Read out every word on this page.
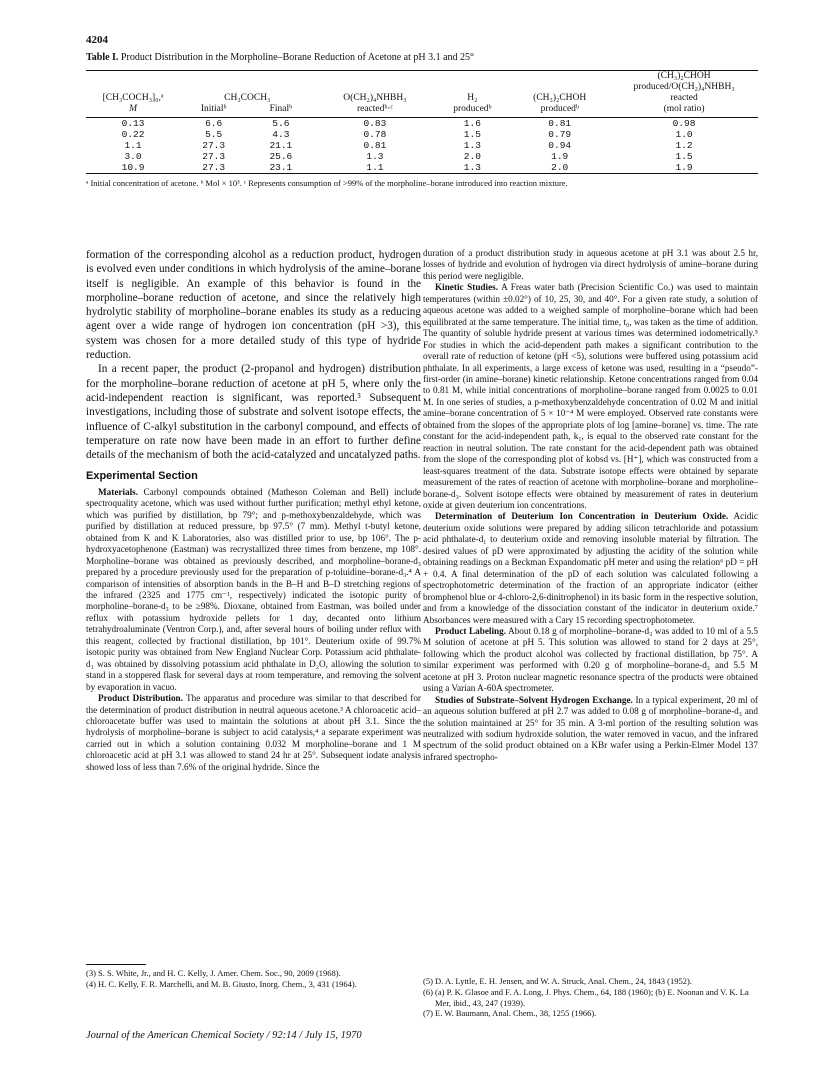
4204
Table I. Product Distribution in the Morpholine–Borane Reduction of Acetone at pH 3.1 and 25°
						(CH₃)₂CHOH
						produced/O(CH₂)₄NHBH₃
[CH₃COCH₃]₀,ᵃ	CH₃COCH₃		O(CH₂)₄NHBH₃	H₂	(CH₃)₂CHOH	reacted
M	Initialᵇ	Finalᵇ	reactedᵇ·ᶜ	producedᵇ	producedᵇ	(mol ratio)

0.13	6.6	5.6	0.83	1.6	0.81	0.98
0.22	5.5	4.3	0.78	1.5	0.79	1.0
1.1	27.3	21.1	0.81	1.3	0.94	1.2
3.0	27.3	25.6	1.3	2.0	1.9	1.5
10.9	27.3	23.1	1.1	1.3	2.0	1.9
ᵃ Initial concentration of acetone. ᵇ Mol × 10³. ᶜ Represents consumption of >99% of the morpholine–borane introduced into reaction mixture.

formation of the corresponding alcohol as a reduction product, hydrogen is evolved even under conditions in which hydrolysis of the amine–borane itself is negligible. An example of this behavior is found in the morpholine–borane reduction of acetone, and since the relatively high hydrolytic stability of morpholine–borane enables its study as a reducing agent over a wide range of hydrogen ion concentration (pH >3), this system was chosen for a more detailed study of this type of hydride reduction.

In a recent paper, the product (2-propanol and hydrogen) distribution for the morpholine–borane reduction of acetone at pH 5, where only the acid-independent reaction is significant, was reported.³ Subsequent investigations, including those of substrate and solvent isotope effects, the influence of C-alkyl substitution in the carbonyl compound, and effects of temperature on rate now have been made in an effort to further define details of the mechanism of both the acid-catalyzed and uncatalyzed paths.

Experimental Section

Materials. Carbonyl compounds obtained (Matheson Coleman and Bell) include spectroquality acetone, which was used without further purification; methyl ethyl ketone, which was purified by distillation, bp 79°; and p-methoxybenzaldehyde, which was purified by distillation at reduced pressure, bp 97.5° (7 mm). Methyl t-butyl ketone, obtained from K and K Laboratories, also was distilled prior to use, bp 106°. The p-hydroxyacetophenone (Eastman) was recrystallized three times from benzene, mp 108°. Morpholine–borane was obtained as previously described, and morpholine–borane-d₃ prepared by a procedure previously used for the preparation of p-toluidine–borane-d₃.⁴ A comparison of intensities of absorption bands in the B–H and B–D stretching regions of the infrared (2325 and 1775 cm⁻¹, respectively) indicated the isotopic purity of morpholine–borane-d₃ to be ≥98%. Dioxane, obtained from Eastman, was boiled under reflux with potassium hydroxide pellets for 1 day, decanted onto lithium tetrahydroaluminate (Ventron Corp.), and, after several hours of boiling under reflux with this reagent, collected by fractional distillation, bp 101°. Deuterium oxide of 99.7% isotopic purity was obtained from New England Nuclear Corp. Potassium acid phthalate-d₁ was obtained by dissolving potassium acid phthalate in D₂O, allowing the solution to stand in a stoppered flask for several days at room temperature, and removing the solvent by evaporation in vacuo.

Product Distribution. The apparatus and procedure was similar to that described for the determination of product distribution in neutral aqueous acetone.³ A chloroacetic acid–chloroacetate buffer was used to maintain the solutions at about pH 3.1. Since the hydrolysis of morpholine–borane is subject to acid catalysis,⁴ a separate experiment was carried out in which a solution containing 0.032 M morpholine–borane and 1 M chloroacetic acid at pH 3.1 was allowed to stand 24 hr at 25°. Subsequent iodate analysis showed loss of less than 7.6% of the original hydride. Since the

duration of a product distribution study in aqueous acetone at pH 3.1 was about 2.5 hr, losses of hydride and evolution of hydrogen via direct hydrolysis of amine–borane during this period were negligible.

Kinetic Studies. A Freas water bath (Precision Scientific Co.) was used to maintain temperatures (within ±0.02°) of 10, 25, 30, and 40°. For a given rate study, a solution of aqueous acetone was added to a weighed sample of morpholine–borane which had been equilibrated at the same temperature. The initial time, t₀, was taken as the time of addition. The quantity of soluble hydride present at various times was determined iodometrically.⁵ For studies in which the acid-dependent path makes a significant contribution to the overall rate of reduction of ketone (pH <5), solutions were buffered using potassium acid phthalate. In all experiments, a large excess of ketone was used, resulting in a “pseudo”-first-order (in amine–borane) kinetic relationship. Ketone concentrations ranged from 0.04 to 0.81 M, while initial concentrations of morpholine–borane ranged from 0.0025 to 0.01 M. In one series of studies, a p-methoxybenzaldehyde concentration of 0.02 M and initial amine–borane concentration of 5 × 10⁻⁴ M were employed. Observed rate constants were obtained from the slopes of the appropriate plots of log [amine–borane] vs. time. The rate constant for the acid-independent path, k₁, is equal to the observed rate constant for the reaction in neutral solution. The rate constant for the acid-dependent path was obtained from the slope of the corresponding plot of kobsd vs. [H⁺], which was constructed from a least-squares treatment of the data. Substrate isotope effects were obtained by separate measurement of the rates of reaction of acetone with morpholine–borane and morpholine–borane-d₃. Solvent isotope effects were obtained by measurement of rates in deuterium oxide at given deuterium ion concentrations.

Determination of Deuterium Ion Concentration in Deuterium Oxide. Acidic deuterium oxide solutions were prepared by adding silicon tetrachloride and potassium acid phthalate-d₁ to deuterium oxide and removing insoluble material by filtration. The desired values of pD were approximated by adjusting the acidity of the solution while obtaining readings on a Beckman Expandomatic pH meter and using the relation⁶ pD = pH + 0.4. A final determination of the pD of each solution was calculated following a spectrophotometric determination of the fraction of an appropriate indicator (either bromphenol blue or 4-chloro-2,6-dinitrophenol) in its basic form in the respective solution, and from a knowledge of the dissociation constant of the indicator in deuterium oxide.⁷ Absorbances were measured with a Cary 15 recording spectrophotometer.

Product Labeling. About 0.18 g of morpholine–borane-d₃ was added to 10 ml of a 5.5 M solution of acetone at pH 5. This solution was allowed to stand for 2 days at 25°, following which the product alcohol was collected by fractional distillation, bp 75°. A similar experiment was performed with 0.20 g of morpholine–borane-d₃ and 5.5 M acetone at pH 3. Proton nuclear magnetic resonance spectra of the products were obtained using a Varian A-60A spectrometer.

Studies of Substrate–Solvent Hydrogen Exchange. In a typical experiment, 20 ml of an aqueous solution buffered at pH 2.7 was added to 0.08 g of morpholine–borane-d₃ and the solution maintained at 25° for 35 min. A 3-ml portion of the resulting solution was neutralized with sodium hydroxide solution, the water removed in vacuo, and the infrared spectrum of the solid product obtained on a KBr wafer using a Perkin-Elmer Model 137 infrared spectropho-

(3) S. S. White, Jr., and H. C. Kelly, J. Amer. Chem. Soc., 90, 2009 (1968).
(4) H. C. Kelly, F. R. Marchelli, and M. B. Giusto, Inorg. Chem., 3, 431 (1964).	(5) D. A. Lyttle, E. H. Jensen, and W. A. Struck, Anal. Chem., 24, 1843 (1952).
(6) (a) P. K. Glasoe and F. A. Long, J. Phys. Chem., 64, 188 (1960); (b) E. Noonan and V. K. La Mer, ibid., 43, 247 (1939).
(7) E. W. Baumann, Anal. Chem., 38, 1255 (1966).
Journal of the American Chemical Society / 92:14 / July 15, 1970
